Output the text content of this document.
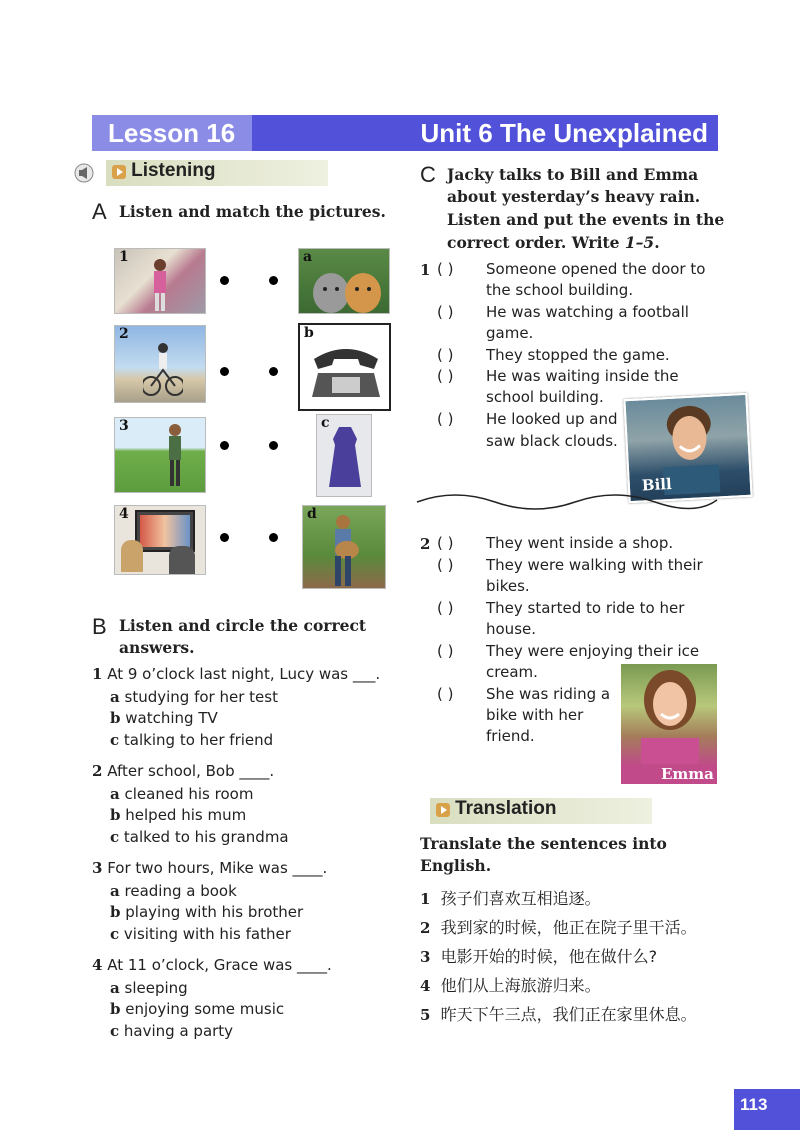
Lesson 16	Unit 6 The Unexplained
Listening
A Listen and match the pictures.
1
2
3
4
a
b
c
d
B Listen and circle the correct
answers.
1 At 9 o’clock last night, Lucy was ___.
a studying for her test
b watching TV
c talking to her friend
2 After school, Bob ____.
a cleaned his room
b helped his mum
c talked to his grandma
3 For two hours, Mike was ____.
a reading a book
b playing with his brother
c visiting with his father
4 At 11 o’clock, Grace was ____.
a sleeping
b enjoying some music
c having a party
C Jacky talks to Bill and Emma
about yesterday’s heavy rain.
Listen and put the events in the
correct order. Write 1–5.
1 ( ) Someone opened the door to
the school building.
( ) He was watching a football
game.
( ) They stopped the game.
( ) He was waiting inside the
school building.
( ) He looked up and
saw black clouds.
Bill
2 ( ) They went inside a shop.
( ) They were walking with their
bikes.
( ) They started to ride to her
house.
( ) They were enjoying their ice
cream.
( ) She was riding a
bike with her
friend.
Emma
Translation
Translate the sentences into
English.
1 孩子们喜欢互相追逐。
2 我到家的时候，他正在院子里干活。
3 电影开始的时候，他在做什么?
4 他们从上海旅游归来。
5 昨天下午三点，我们正在家里休息。
113
